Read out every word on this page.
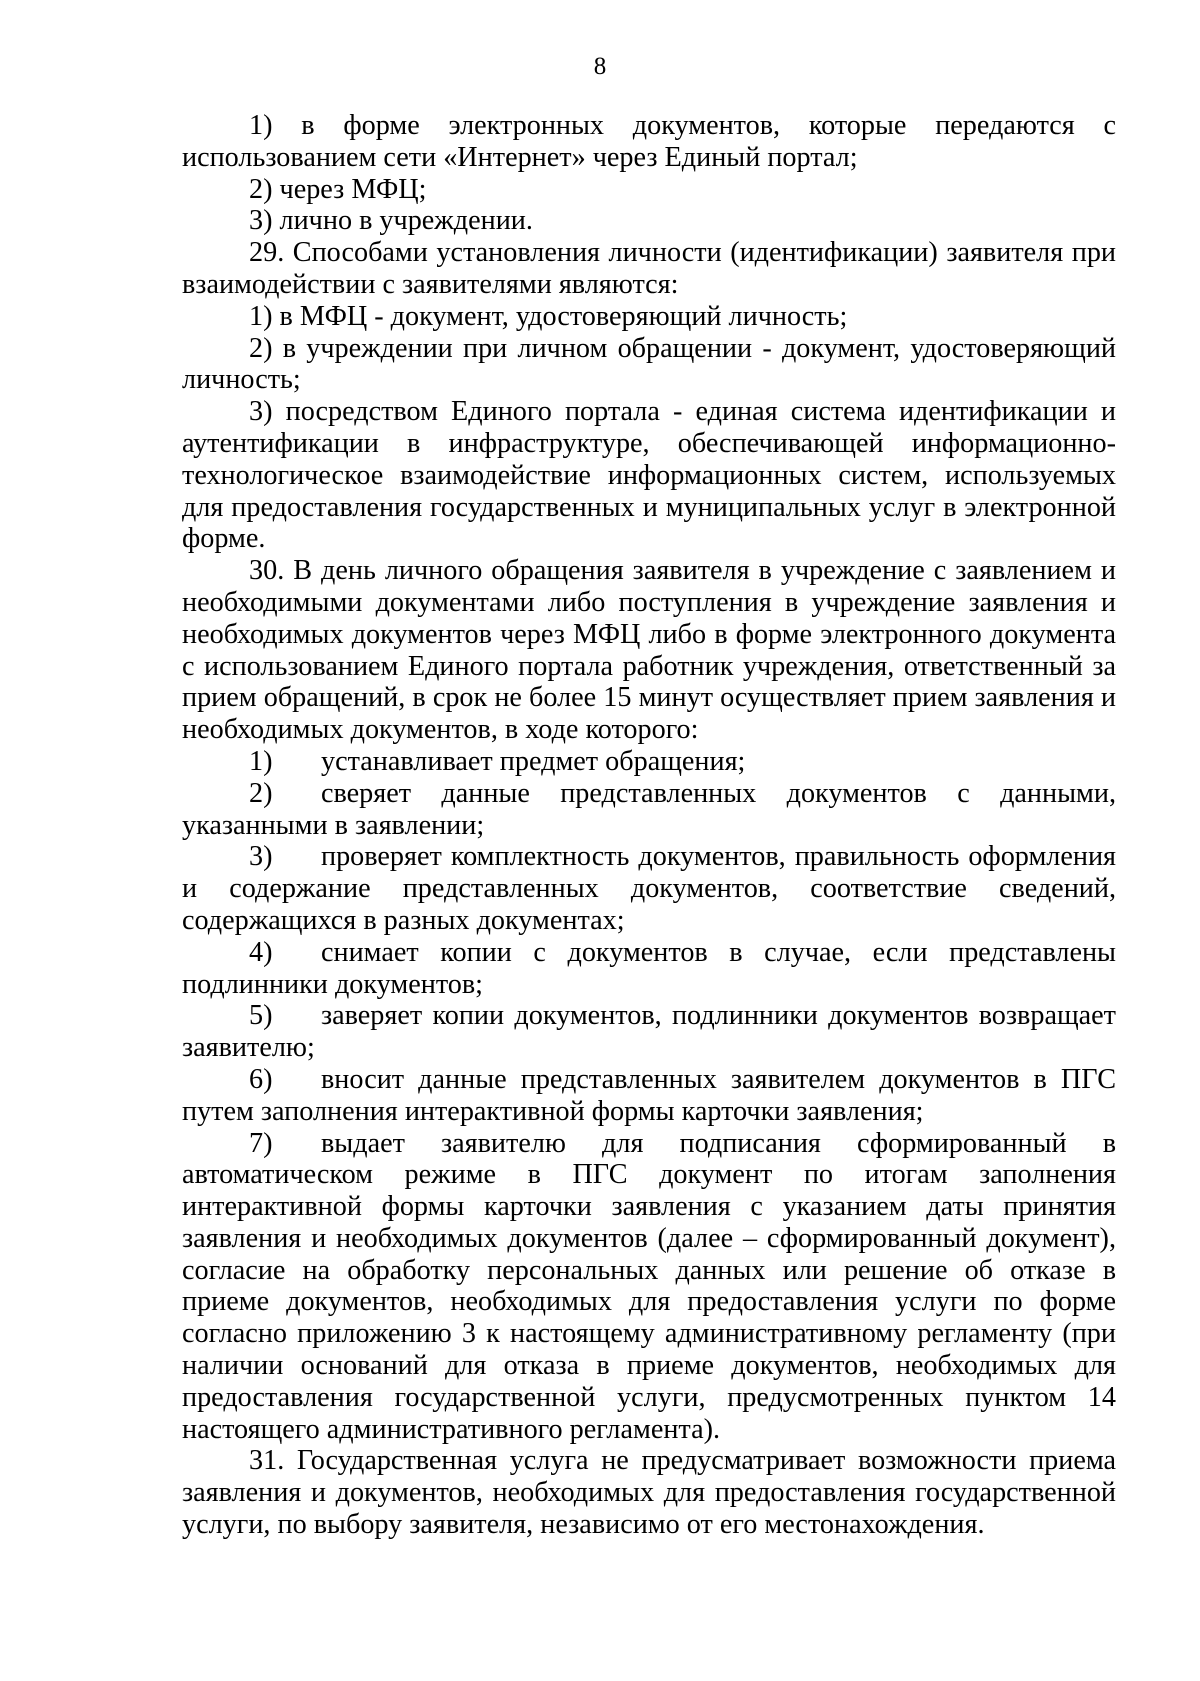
8

1) в форме электронных документов, которые передаются с использованием сети «Интернет» через Единый портал;

2) через МФЦ;

3) лично в учреждении.

29. Способами установления личности (идентификации) заявителя при взаимодействии с заявителями являются:

1) в МФЦ - документ, удостоверяющий личность;

2) в учреждении при личном обращении - документ, удостоверяющий личность;

3) посредством Единого портала - единая система идентификации и аутентификации в инфраструктуре, обеспечивающей информационно-технологическое взаимодействие информационных систем, используемых для предоставления государственных и муниципальных услуг в электронной форме.

30. В день личного обращения заявителя в учреждение с заявлением и необходимыми документами либо поступления в учреждение заявления и необходимых документов через МФЦ либо в форме электронного документа с использованием Единого портала работник учреждения, ответственный за прием обращений, в срок не более 15 минут осуществляет прием заявления и необходимых документов, в ходе которого:

1) устанавливает предмет обращения;

2) сверяет данные представленных документов с данными, указанными в заявлении;

3) проверяет комплектность документов, правильность оформления и содержание представленных документов, соответствие сведений, содержащихся в разных документах;

4) снимает копии с документов в случае, если представлены подлинники документов;

5) заверяет копии документов, подлинники документов возвращает заявителю;

6) вносит данные представленных заявителем документов в ПГС путем заполнения интерактивной формы карточки заявления;

7) выдает заявителю для подписания сформированный в автоматическом режиме в ПГС документ по итогам заполнения интерактивной формы карточки заявления с указанием даты принятия заявления и необходимых документов (далее – сформированный документ), согласие на обработку персональных данных или решение об отказе в приеме документов, необходимых для предоставления услуги по форме согласно приложению 3 к настоящему административному регламенту (при наличии оснований для отказа в приеме документов, необходимых для предоставления государственной услуги, предусмотренных пунктом 14 настоящего административного регламента).

31. Государственная услуга не предусматривает возможности приема заявления и документов, необходимых для предоставления государственной услуги, по выбору заявителя, независимо от его местонахождения.
